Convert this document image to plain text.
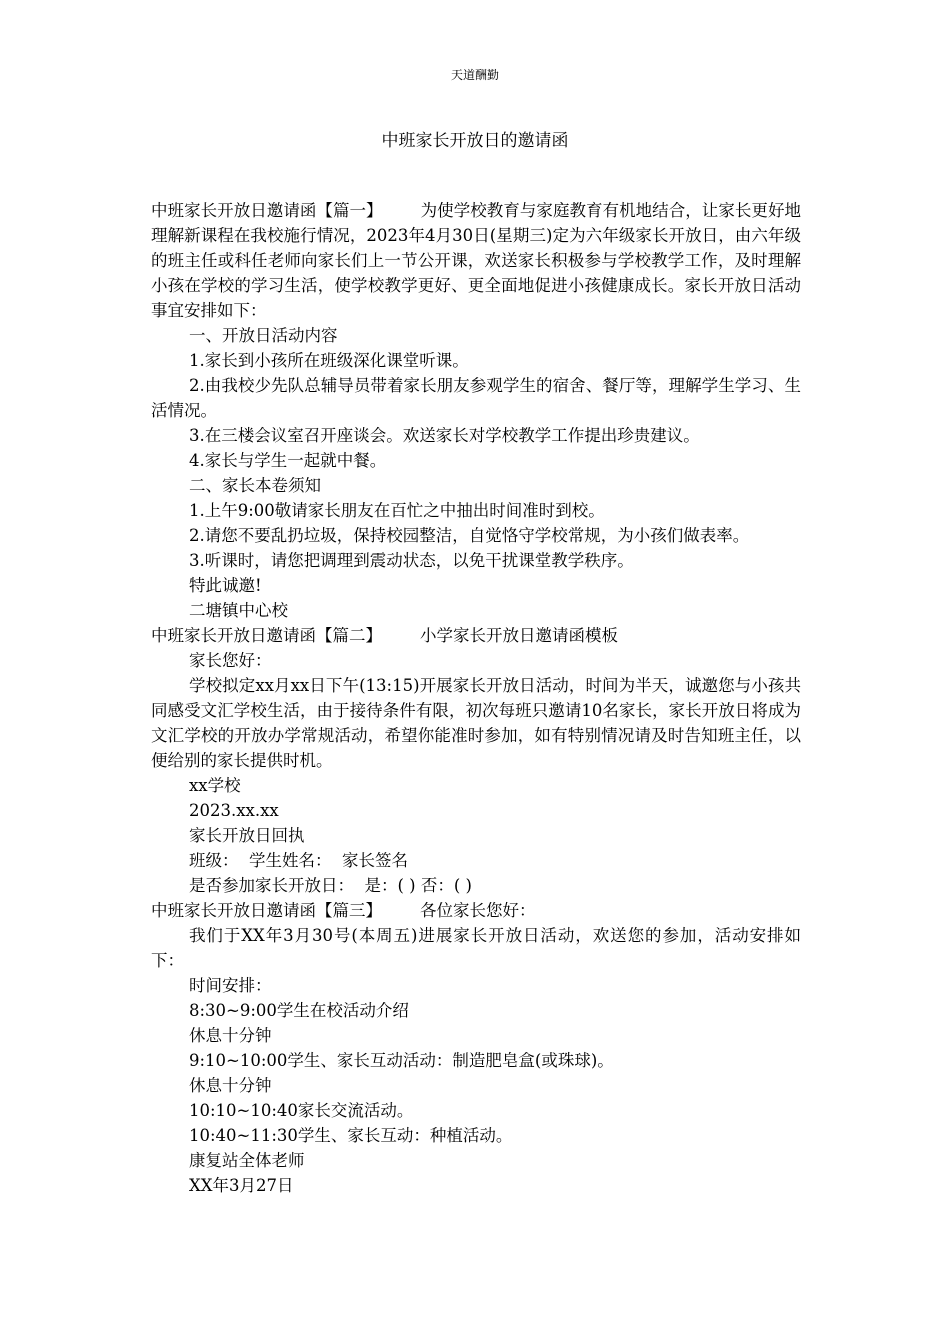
天道酬勤
中班家长开放日的邀请函

中班家长开放日邀请函【篇一】 为使学校教育与家庭教育有机地结合，让家长更好地理解新课程在我校施行情况，2023年4月30日(星期三)定为六年级家长开放日，由六年级的班主任或科任老师向家长们上一节公开课，欢送家长积极参与学校教学工作，及时理解小孩在学校的学习生活，使学校教学更好、更全面地促进小孩健康成长。家长开放日活动事宜安排如下：

一、开放日活动内容

1.家长到小孩所在班级深化课堂听课。

2.由我校少先队总辅导员带着家长朋友参观学生的宿舍、餐厅等，理解学生学习、生活情况。

3.在三楼会议室召开座谈会。欢送家长对学校教学工作提出珍贵建议。

4.家长与学生一起就中餐。

二、家长本卷须知

1.上午9:00敬请家长朋友在百忙之中抽出时间准时到校。

2.请您不要乱扔垃圾，保持校园整洁，自觉恪守学校常规，为小孩们做表率。

3.听课时，请您把调理到震动状态，以免干扰课堂教学秩序。

特此诚邀!

二塘镇中心校

中班家长开放日邀请函【篇二】 小学家长开放日邀请函模板

家长您好：

学校拟定xx月xx日下午(13:15)开展家长开放日活动，时间为半天，诚邀您与小孩共同感受文汇学校生活，由于接待条件有限，初次每班只邀请10名家长，家长开放日将成为文汇学校的开放办学常规活动，希望你能准时参加，如有特别情况请及时告知班主任，以便给别的家长提供时机。

xx学校

2023.xx.xx

家长开放日回执

班级：  学生姓名：  家长签名

是否参加家长开放日：  是：( ) 否：( )

中班家长开放日邀请函【篇三】 各位家长您好：

我们于XX年3月30号(本周五)进展家长开放日活动，欢送您的参加，活动安排如下：

时间安排：

8:30~9:00学生在校活动介绍

休息十分钟

9:10~10:00学生、家长互动活动：制造肥皂盒(或珠球)。

休息十分钟

10:10~10:40家长交流活动。

10:40~11:30学生、家长互动：种植活动。

康复站全体老师

XX年3月27日
